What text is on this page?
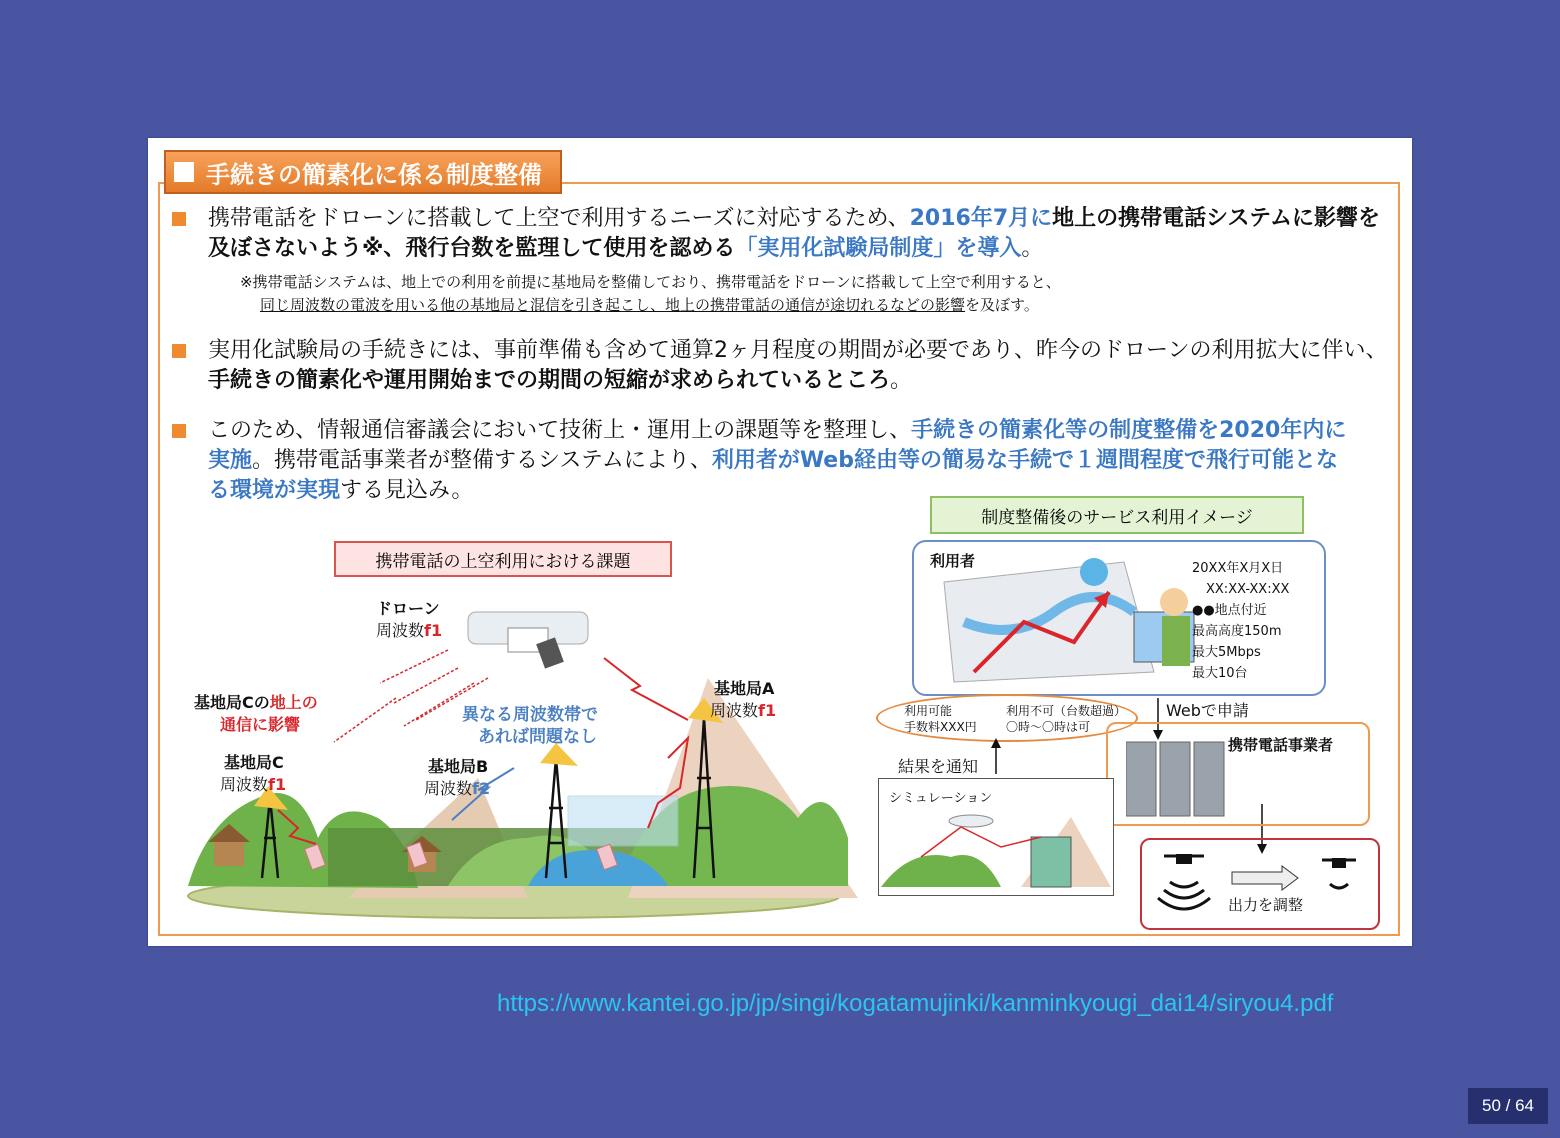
手続きの簡素化に係る制度整備
携帯電話をドローンに搭載して上空で利用するニーズに対応するため、2016年7月に地上の携帯電話システムに影響を及ぼさないよう※、飛行台数を監理して使用を認める「実用化試験局制度」を導入。
※携帯電話システムは、地上での利用を前提に基地局を整備しており、携帯電話をドローンに搭載して上空で利用すると、
同じ周波数の電波を用いる他の基地局と混信を引き起こし、地上の携帯電話の通信が途切れるなどの影響を及ぼす。
実用化試験局の手続きには、事前準備も含めて通算2ヶ月程度の期間が必要であり、昨今のドローンの利用拡大に伴い、手続きの簡素化や運用開始までの期間の短縮が求められているところ。
このため、情報通信審議会において技術上・運用上の課題等を整理し、手続きの簡素化等の制度整備を2020年内に実施。携帯電話事業者が整備するシステムにより、利用者がWeb経由等の簡易な手続で１週間程度で飛行可能となる環境が実現する見込み。
携帯電話の上空利用における課題
ドローン
周波数f1
基地局Cの地上の
通信に影響	異なる周波数帯で
あれば問題なし
基地局A
周波数f1
基地局B
周波数f2
基地局C
周波数f1
制度整備後のサービス利用イメージ
利用者	20XX年X月X日
XX:XX-XX:XX
●●地点付近
最高高度150m
最大5Mbps
最大10台
利用可能
手数料XXX円
利用不可（台数超過）
〇時～〇時は可
Webで申請
携帯電話事業者
結果を通知
シミュレーション
出力を調整
https://www.kantei.go.jp/jp/singi/kogatamujinki/kanminkyougi_dai14/siryou4.pdf
50 / 64
